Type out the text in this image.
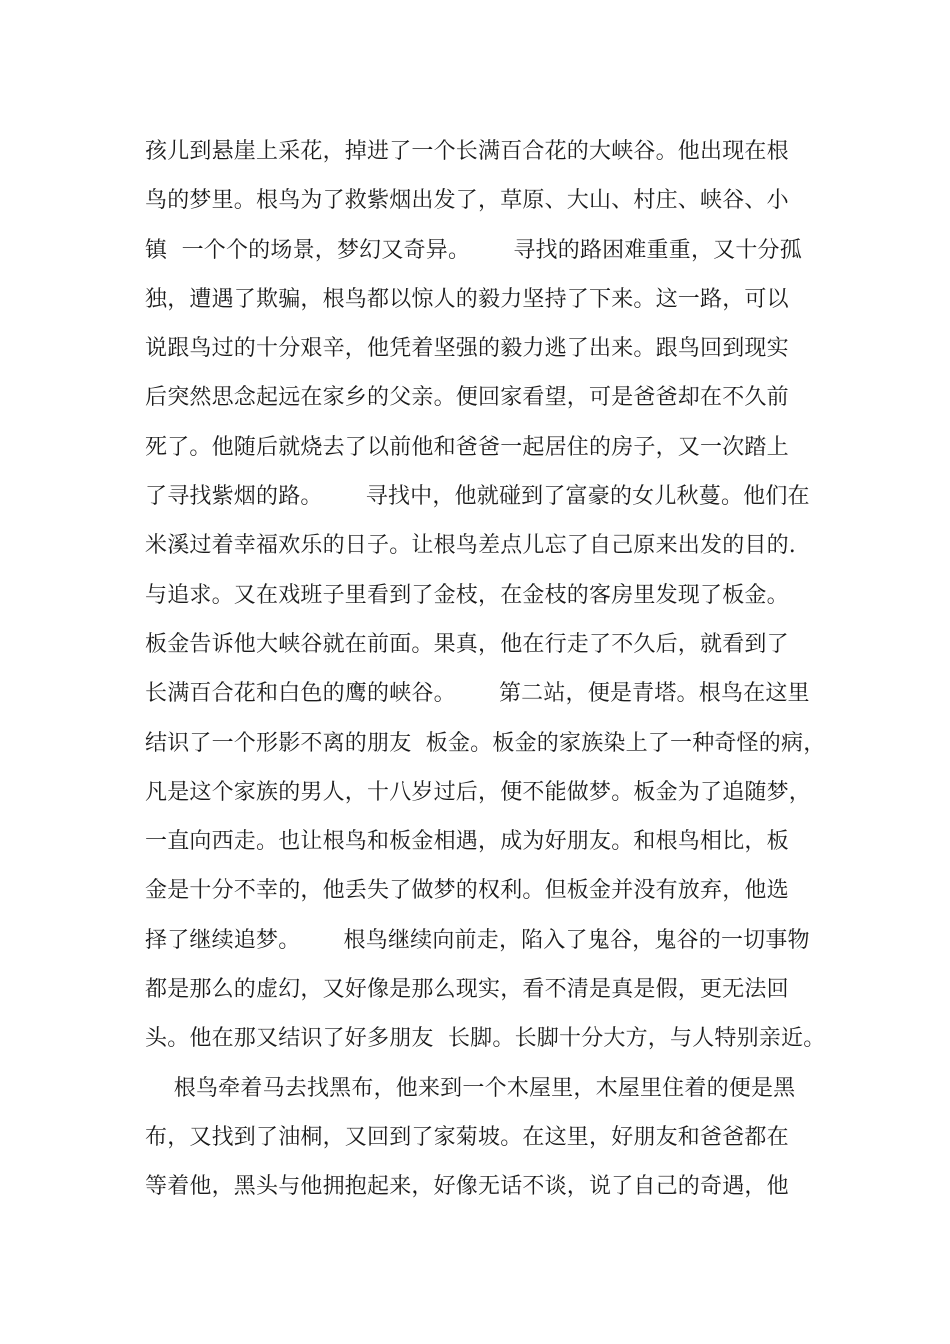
孩儿到悬崖上采花，掉进了一个长满百合花的大峡谷。他出现在根
鸟的梦里。根鸟为了救紫烟出发了，草原、大山、村庄、峡谷、小
镇  一个个的场景，梦幻又奇异。      寻找的路困难重重，又十分孤
独，遭遇了欺骗，根鸟都以惊人的毅力坚持了下来。这一路，可以
说跟鸟过的十分艰辛，他凭着坚强的毅力逃了出来。跟鸟回到现实
后突然思念起远在家乡的父亲。便回家看望，可是爸爸却在不久前
死了。他随后就烧去了以前他和爸爸一起居住的房子，又一次踏上
了寻找紫烟的路。      寻找中，他就碰到了富豪的女儿秋蔓。他们在
米溪过着幸福欢乐的日子。让根鸟差点儿忘了自己原来出发的目的.
与追求。又在戏班子里看到了金枝，在金枝的客房里发现了板金。
板金告诉他大峡谷就在前面。果真，他在行走了不久后，就看到了
长满百合花和白色的鹰的峡谷。      第二站，便是青塔。根鸟在这里
结识了一个形影不离的朋友  板金。板金的家族染上了一种奇怪的病，
凡是这个家族的男人，十八岁过后，便不能做梦。板金为了追随梦，
一直向西走。也让根鸟和板金相遇，成为好朋友。和根鸟相比，板
金是十分不幸的，他丢失了做梦的权利。但板金并没有放弃，他选
择了继续追梦。      根鸟继续向前走，陷入了鬼谷，鬼谷的一切事物
都是那么的虚幻，又好像是那么现实，看不清是真是假，更无法回
头。他在那又结识了好多朋友  长脚。长脚十分大方，与人特别亲近。
根鸟牵着马去找黑布，他来到一个木屋里，木屋里住着的便是黑
布，又找到了油桐，又回到了家菊坡。在这里，好朋友和爸爸都在
等着他，黑头与他拥抱起来，好像无话不谈，说了自己的奇遇，他
